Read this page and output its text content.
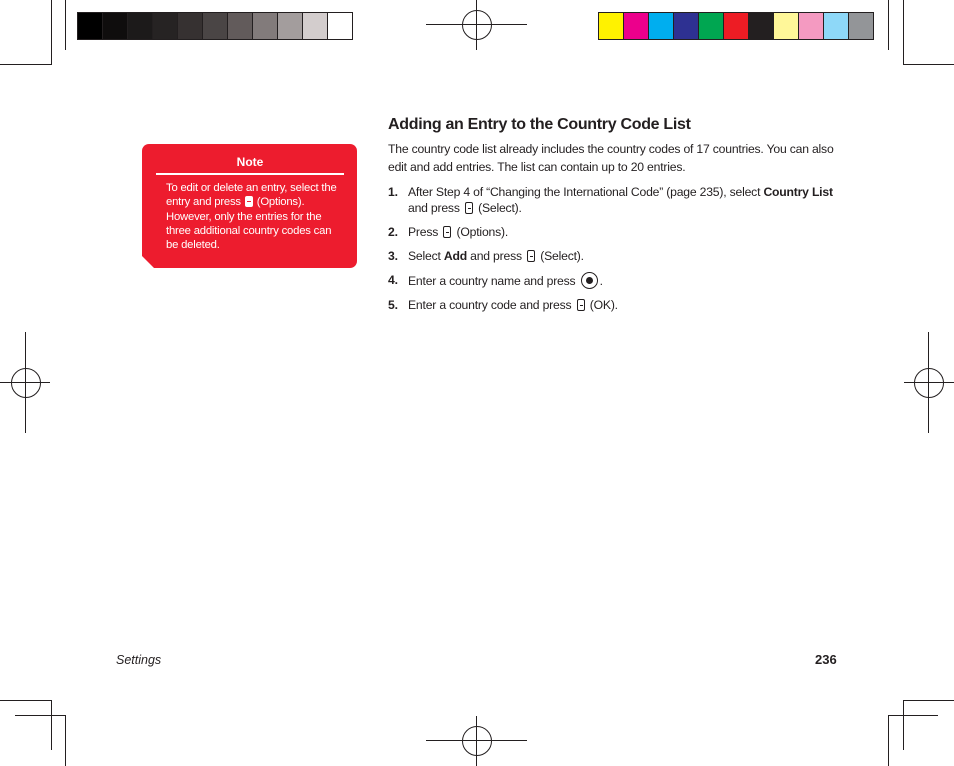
Note
To edit or delete an entry, select the entry and press (Options). However, only the entries for the three additional country codes can be deleted.
Adding an Entry to the Country Code List
The country code list already includes the country codes of 17 countries. You can also edit and add entries. The list can contain up to 20 entries.
1. After Step 4 of “Changing the International Code” (page 235), select Country List and press (Select).
2. Press (Options).
3. Select Add and press (Select).
4. Enter a country name and press .
5. Enter a country code and press (OK).
Settings	236
